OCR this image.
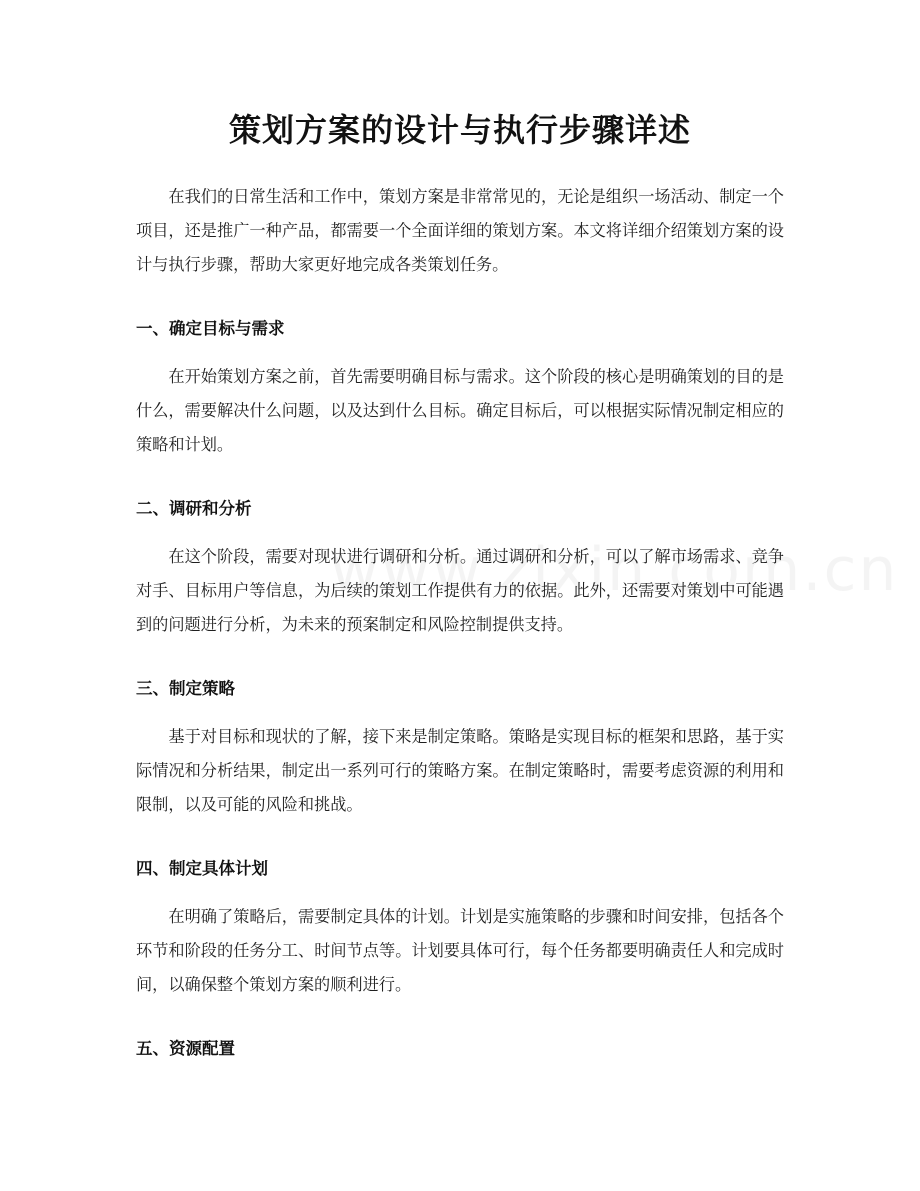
策划方案的设计与执行步骤详述

在我们的日常生活和工作中，策划方案是非常常见的，无论是组织一场活动、制定一个项目，还是推广一种产品，都需要一个全面详细的策划方案。本文将详细介绍策划方案的设计与执行步骤，帮助大家更好地完成各类策划任务。

一、确定目标与需求

在开始策划方案之前，首先需要明确目标与需求。这个阶段的核心是明确策划的目的是什么，需要解决什么问题，以及达到什么目标。确定目标后，可以根据实际情况制定相应的策略和计划。

二、调研和分析

在这个阶段，需要对现状进行调研和分析。通过调研和分析，可以了解市场需求、竞争对手、目标用户等信息，为后续的策划工作提供有力的依据。此外，还需要对策划中可能遇到的问题进行分析，为未来的预案制定和风险控制提供支持。

三、制定策略

基于对目标和现状的了解，接下来是制定策略。策略是实现目标的框架和思路，基于实际情况和分析结果，制定出一系列可行的策略方案。在制定策略时，需要考虑资源的利用和限制，以及可能的风险和挑战。

四、制定具体计划

在明确了策略后，需要制定具体的计划。计划是实施策略的步骤和时间安排，包括各个环节和阶段的任务分工、时间节点等。计划要具体可行，每个任务都要明确责任人和完成时间，以确保整个策划方案的顺利进行。

五、资源配置
